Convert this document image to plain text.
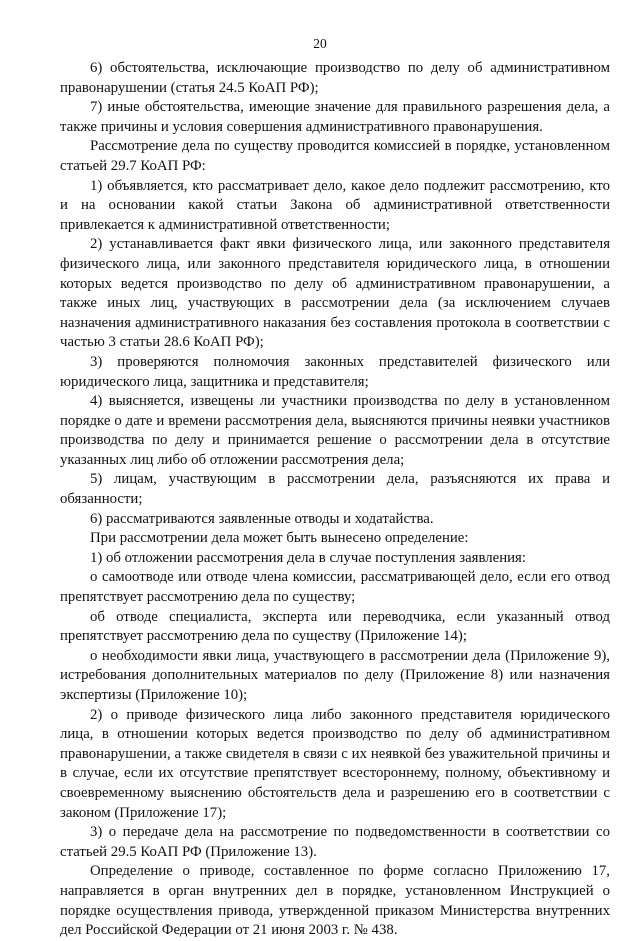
20

6) обстоятельства, исключающие производство по делу об административном правонарушении (статья 24.5 КоАП РФ);

7) иные обстоятельства, имеющие значение для правильного разрешения дела, а также причины и условия совершения административного правонарушения.

Рассмотрение дела по существу проводится комиссией в порядке, установленном статьей 29.7 КоАП РФ:

1) объявляется, кто рассматривает дело, какое дело подлежит рассмотрению, кто и на основании какой статьи Закона об административной ответственности привлекается к административной ответственности;

2) устанавливается факт явки физического лица, или законного представителя физического лица, или законного представителя юридического лица, в отношении которых ведется производство по делу об административном правонарушении, а также иных лиц, участвующих в рассмотрении дела (за исключением случаев назначения административного наказания без составления протокола в соответствии с частью 3 статьи 28.6 КоАП РФ);

3) проверяются полномочия законных представителей физического или юридического лица, защитника и представителя;

4) выясняется, извещены ли участники производства по делу в установленном порядке о дате и времени рассмотрения дела, выясняются причины неявки участников производства по делу и принимается решение о рассмотрении дела в отсутствие указанных лиц либо об отложении рассмотрения дела;

5) лицам, участвующим в рассмотрении дела, разъясняются их права и обязанности;

6) рассматриваются заявленные отводы и ходатайства.

При рассмотрении дела может быть вынесено определение:

1) об отложении рассмотрения дела в случае поступления заявления:

о самоотводе или отводе члена комиссии, рассматривающей дело, если его отвод препятствует рассмотрению дела по существу;

об отводе специалиста, эксперта или переводчика, если указанный отвод препятствует рассмотрению дела по существу (Приложение 14);

о необходимости явки лица, участвующего в рассмотрении дела (Приложение 9), истребования дополнительных материалов по делу (Приложение 8) или назначения экспертизы (Приложение 10);

2) о приводе физического лица либо законного представителя юридического лица, в отношении которых ведется производство по делу об административном правонарушении, а также свидетеля в связи с их неявкой без уважительной причины и в случае, если их отсутствие препятствует всестороннему, полному, объективному и своевременному выяснению обстоятельств дела и разрешению его в соответствии с законом (Приложение 17);

3) о передаче дела на рассмотрение по подведомственности в соответствии со статьей 29.5 КоАП РФ (Приложение 13).

Определение о приводе, составленное по форме согласно Приложению 17, направляется в орган внутренних дел в порядке, установленном Инструкцией о порядке осуществления привода, утвержденной приказом Министерства внутренних дел Российской Федерации от 21 июня 2003 г. № 438.
